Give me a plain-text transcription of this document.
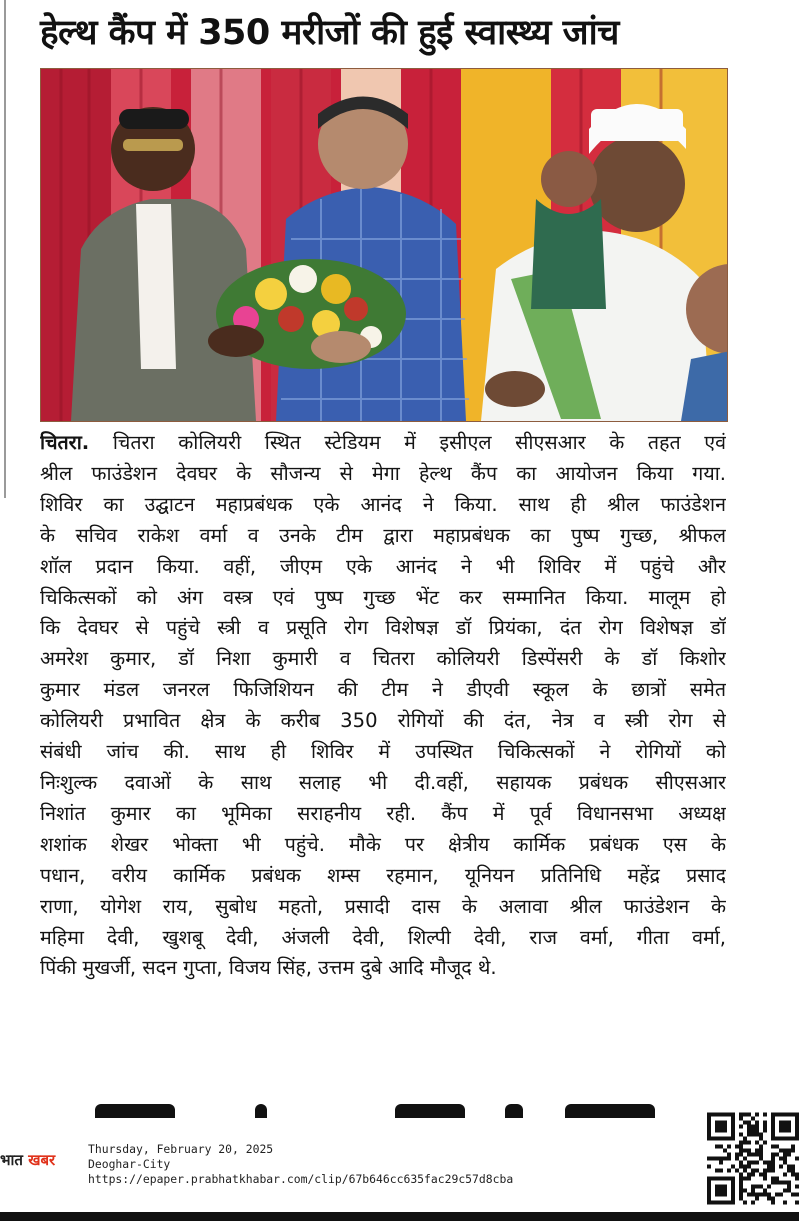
हेल्थ कैंप में 350 मरीजों की हुई स्वास्थ्य जांच
चितरा. चितरा कोलियरी स्थित स्टेडियम में इसीएल सीएसआर के तहत एवं
श्रील फाउंडेशन देवघर के सौजन्य से मेगा हेल्थ कैंप का आयोजन किया गया.
शिविर का उद्घाटन महाप्रबंधक एके आनंद ने किया. साथ ही श्रील फाउंडेशन
के सचिव राकेश वर्मा व उनके टीम द्वारा महाप्रबंधक का पुष्प गुच्छ, श्रीफल
शॉल प्रदान किया. वहीं, जीएम एके आनंद ने भी शिविर में पहुंचे और
चिकित्सकों को अंग वस्त्र एवं पुष्प गुच्छ भेंट कर सम्मानित किया. मालूम हो
कि देवघर से पहुंचे स्त्री व प्रसूति रोग विशेषज्ञ डॉ प्रियंका, दंत रोग विशेषज्ञ डॉ
अमरेश कुमार, डॉ निशा कुमारी व चितरा कोलियरी डिस्पेंसरी के डॉ किशोर
कुमार मंडल जनरल फिजिशियन की टीम ने डीएवी स्कूल के छात्रों समेत
कोलियरी प्रभावित क्षेत्र के करीब 350 रोगियों की दंत, नेत्र व स्त्री रोग से
संबंधी जांच की. साथ ही शिविर में उपस्थित चिकित्सकों ने रोगियों को
निःशुल्क दवाओं के साथ सलाह भी दी.वहीं, सहायक प्रबंधक सीएसआर
निशांत कुमार का भूमिका सराहनीय रही. कैंप में पूर्व विधानसभा अध्यक्ष
शशांक शेखर भोक्ता भी पहुंचे. मौके पर क्षेत्रीय कार्मिक प्रबंधक एस के
पधान, वरीय कार्मिक प्रबंधक शम्स रहमान, यूनियन प्रतिनिधि महेंद्र प्रसाद
राणा, योगेश राय, सुबोध महतो, प्रसादी दास के अलावा श्रील फाउंडेशन के
महिमा देवी, खुशबू देवी, अंजली देवी, शिल्पी देवी, राज वर्मा, गीता वर्मा,
पिंकी मुखर्जी, सदन गुप्ता, विजय सिंह, उत्तम दुबे आदि मौजूद थे.
भात खबर
Thursday, February 20, 2025
Deoghar-City
https://epaper.prabhatkhabar.com/clip/67b646cc635fac29c57d8cba
